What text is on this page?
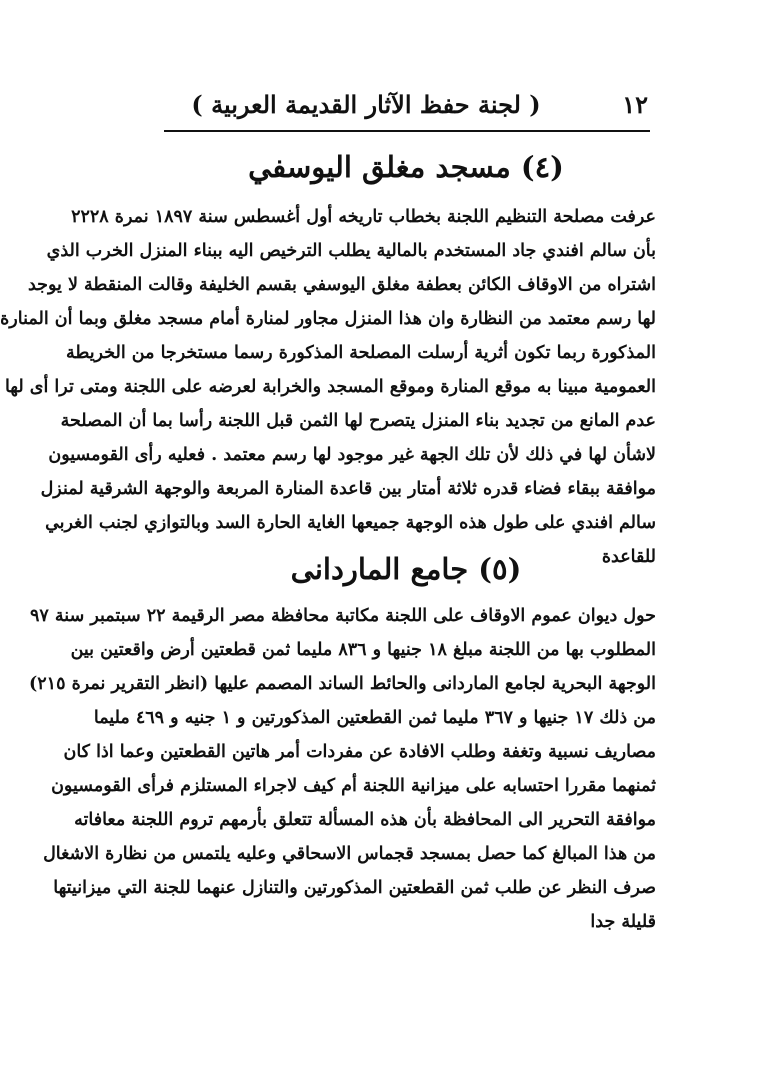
١٢
( لجنة حفظ الآثار القديمة العربية )
(٤) مسجد مغلق اليوسفي
عرفت مصلحة التنظيم اللجنة بخطاب تاريخه أول أغسطس سنة ١٨٩٧ نمرة ٢٢٢٨
بأن سالم افندي جاد المستخدم بالمالية يطلب الترخيص اليه ببناء المنزل الخرب الذي
اشتراه من الاوقاف الكائن بعطفة مغلق اليوسفي بقسم الخليفة وقالت المنقطة لا يوجد
لها رسم معتمد من النظارة وان هذا المنزل مجاور لمنارة أمام مسجد مغلق وبما أن المنارة
المذكورة ربما تكون أثرية أرسلت المصلحة المذكورة رسما مستخرجا من الخريطة
العمومية مبينا به موقع المنارة وموقع المسجد والخرابة لعرضه على اللجنة ومتى ترا أى لها
عدم المانع من تجديد بناء المنزل يتصرح لها الثمن قبل اللجنة رأسا بما أن المصلحة
لاشأن لها في ذلك لأن تلك الجهة غير موجود لها رسم معتمد . فعليه رأى القومسيون
موافقة ببقاء فضاء قدره ثلاثة أمتار بين قاعدة المنارة المربعة والوجهة الشرقية لمنزل
سالم افندي على طول هذه الوجهة جميعها الغاية الحارة السد وبالتوازي لجنب الغربي
للقاعدة
(٥) جامع الماردانى
حول ديوان عموم الاوقاف على اللجنة مكاتبة محافظة مصر الرقيمة ٢٢ سبتمبر سنة ٩٧
المطلوب بها من اللجنة مبلغ ١٨ جنيها و ٨٣٦ مليما ثمن قطعتين أرض واقعتين بين
الوجهة البحرية لجامع الماردانى والحائط الساند المصمم عليها (انظر التقرير نمرة ٢١٥)
من ذلك ١٧ جنيها و ٣٦٧ مليما ثمن القطعتين المذكورتين و ١ جنيه و ٤٦٩ مليما
مصاريف نسبية وتغفة وطلب الافادة عن مفردات أمر هاتين القطعتين وعما اذا كان
ثمنهما مقررا احتسابه على ميزانية اللجنة أم كيف لاجراء المستلزم فرأى القومسيون
موافقة التحرير الى المحافظة بأن هذه المسألة تتعلق بأرمهم تروم اللجنة معافاته
من هذا المبالغ كما حصل بمسجد قجماس الاسحاقي وعليه يلتمس من نظارة الاشغال
صرف النظر عن طلب ثمن القطعتين المذكورتين والتنازل عنهما للجنة التي ميزانيتها
قليلة جدا
